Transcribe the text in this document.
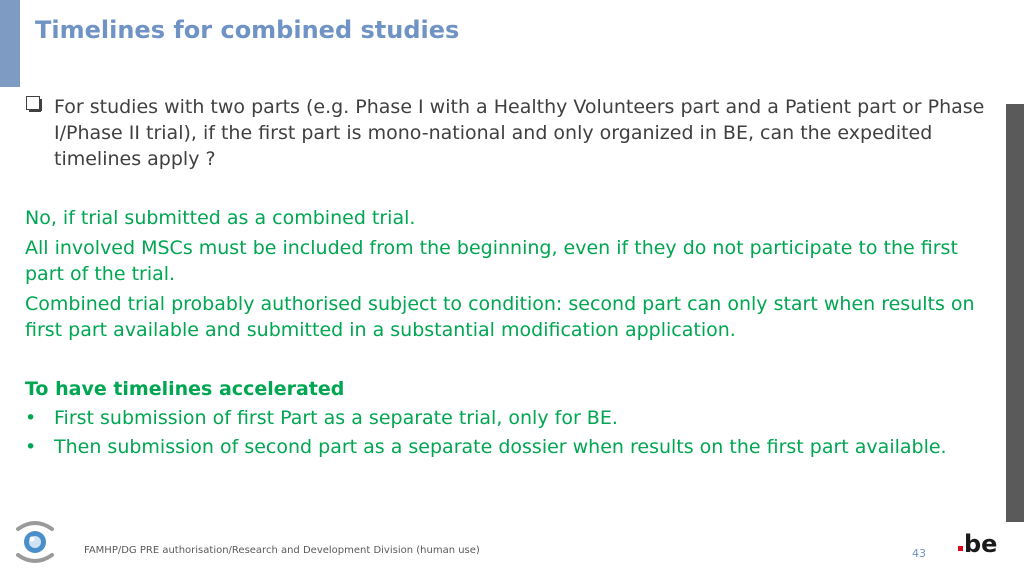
Timelines for combined studies
For studies with two parts (e.g. Phase I with a Healthy Volunteers part and a Patient part or Phase I/Phase II trial), if the first part is mono-national and only organized in BE, can the expedited timelines apply ?
No, if trial submitted as a combined trial.
All involved MSCs must be included from the beginning, even if they do not participate to the first part of the trial.
Combined trial probably authorised subject to condition: second part can only start when results on first part available and submitted in a substantial modification application.
To have timelines accelerated
• First submission of first Part as a separate trial, only for BE.
• Then submission of second part as a separate dossier when results on the first part available.
FAMHP/DG PRE authorisation/Research and Development Division (human use)	43 be
